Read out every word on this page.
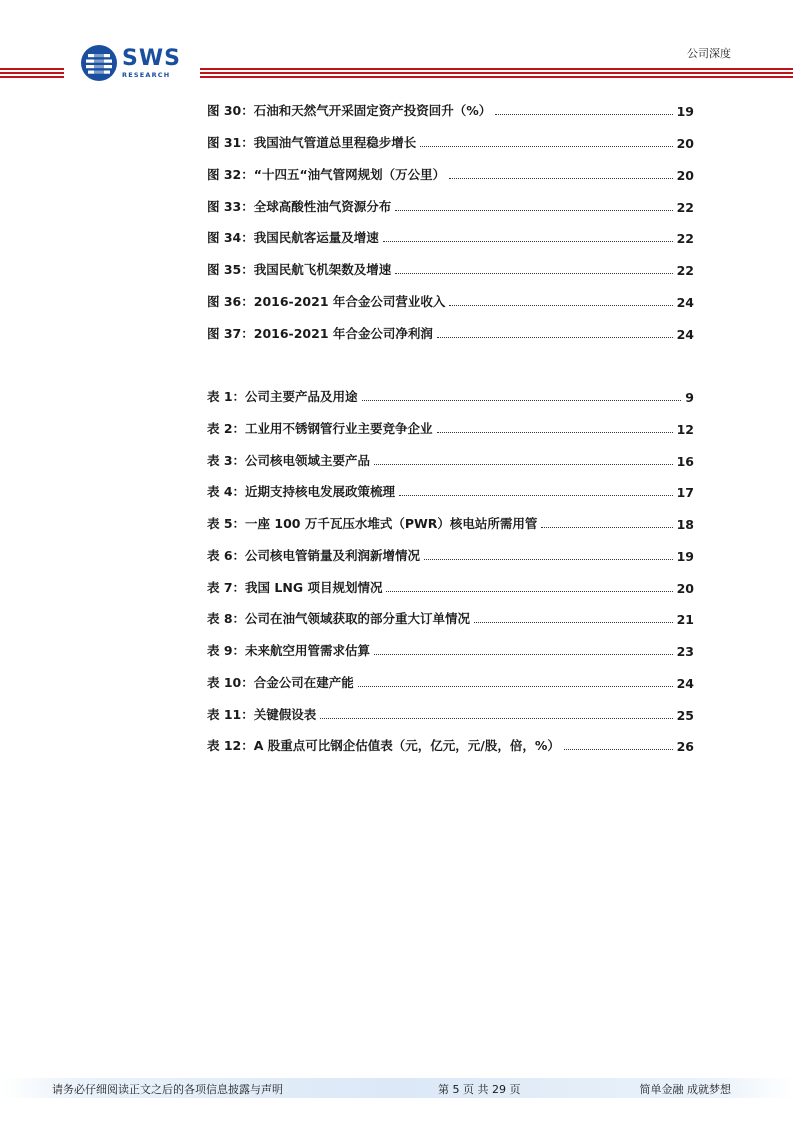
SWS
RESEARCH
公司深度
图 30：石油和天然气开采固定资产投资回升（%）	19
图 31：我国油气管道总里程稳步增长	20
图 32：“十四五“油气管网规划（万公里）	20
图 33：全球高酸性油气资源分布	22
图 34：我国民航客运量及增速	22
图 35：我国民航飞机架数及增速	22
图 36：2016-2021 年合金公司营业收入	24
图 37：2016-2021 年合金公司净利润	24
表 1：公司主要产品及用途	9
表 2：工业用不锈钢管行业主要竞争企业	12
表 3：公司核电领域主要产品	16
表 4：近期支持核电发展政策梳理	17
表 5：一座 100 万千瓦压水堆式（PWR）核电站所需用管	18
表 6：公司核电管销量及利润新增情况	19
表 7：我国 LNG 项目规划情况	20
表 8：公司在油气领域获取的部分重大订单情况	21
表 9：未来航空用管需求估算	23
表 10：合金公司在建产能	24
表 11：关键假设表	25
表 12：A 股重点可比钢企估值表（元，亿元，元/股，倍，%）	26
请务必仔细阅读正文之后的各项信息披露与声明	第 5 页 共 29 页	简单金融 成就梦想
